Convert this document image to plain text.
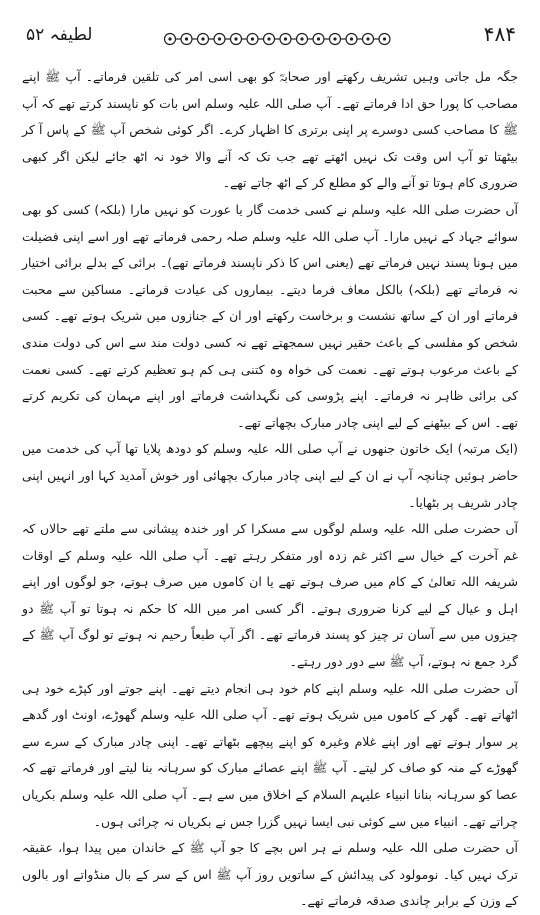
لطیفہ ۵۲	۴۸۴

جگہ مل جاتی وہیں تشریف رکھتے اور صحابہؓ کو بھی اسی امر کی تلقین فرماتے۔ آپ ﷺ اپنے مصاحب کا پورا حق ادا فرماتے تھے۔ آپ صلی اللہ علیہ وسلم اس بات کو ناپسند کرتے تھے کہ آپ ﷺ کا مصاحب کسی دوسرے پر اپنی برتری کا اظہار کرے۔ اگر کوئی شخص آپ ﷺ کے پاس آ کر بیٹھتا تو آپ اس وقت تک نہیں اٹھتے تھے جب تک کہ آنے والا خود نہ اٹھ جائے لیکن اگر کبھی ضروری کام ہوتا تو آنے والے کو مطلع کر کے اٹھ جاتے تھے۔

آں حضرت صلی اللہ علیہ وسلم نے کسی خدمت گار یا عورت کو نہیں مارا (بلکہ) کسی کو بھی سوائے جہاد کے نہیں مارا۔ آپ صلی اللہ علیہ وسلم صلہ رحمی فرماتے تھے اور اسے اپنی فضیلت میں ہونا پسند نہیں فرماتے تھے (یعنی اس کا ذکر ناپسند فرماتے تھے)۔ برائی کے بدلے برائی اختیار نہ فرماتے تھے (بلکہ) بالکل معاف فرما دیتے۔ بیماروں کی عیادت فرماتے۔ مساکین سے محبت فرماتے اور ان کے ساتھ نشست و برخاست رکھتے اور ان کے جنازوں میں شریک ہوتے تھے۔ کسی شخص کو مفلسی کے باعث حقیر نہیں سمجھتے تھے نہ کسی دولت مند سے اس کی دولت مندی کے باعث مرعوب ہوتے تھے۔ نعمت کی خواہ وہ کتنی ہی کم ہو تعظیم کرتے تھے۔ کسی نعمت کی برائی ظاہر نہ فرماتے۔ اپنے پڑوسی کی نگہداشت فرماتے اور اپنے مہمان کی تکریم کرتے تھے۔ اس کے بیٹھنے کے لیے اپنی چادر مبارک بچھاتے تھے۔

(ایک مرتبہ) ایک خاتون جنھوں نے آپ صلی اللہ علیہ وسلم کو دودھ پلایا تھا آپ کی خدمت میں حاضر ہوئیں چنانچہ آپ نے ان کے لیے اپنی چادر مبارک بچھائی اور خوش آمدید کہا اور انہیں اپنی چادر شریف پر بٹھایا۔

آں حضرت صلی اللہ علیہ وسلم لوگوں سے مسکرا کر اور خندہ پیشانی سے ملتے تھے حالاں کہ غم آخرت کے خیال سے اکثر غم زدہ اور متفکر رہتے تھے۔ آپ صلی اللہ علیہ وسلم کے اوقات شریفہ اللہ تعالیٰ کے کام میں صرف ہوتے تھے یا ان کاموں میں صرف ہوتے، جو لوگوں اور اپنے اہل و عیال کے لیے کرنا ضروری ہوتے۔ اگر کسی امر میں اللہ کا حکم نہ ہوتا تو آپ ﷺ دو چیزوں میں سے آسان تر چیز کو پسند فرماتے تھے۔ اگر آپ طبعاً رحیم نہ ہوتے تو لوگ آپ ﷺ کے گرد جمع نہ ہوتے، آپ ﷺ سے دور دور رہتے۔

آں حضرت صلی اللہ علیہ وسلم اپنے کام خود ہی انجام دیتے تھے۔ اپنے جوتے اور کپڑے خود ہی اٹھاتے تھے۔ گھر کے کاموں میں شریک ہوتے تھے۔ آپ صلی اللہ علیہ وسلم گھوڑے، اونٹ اور گدھے پر سوار ہوتے تھے اور اپنے غلام وغیرہ کو اپنے پیچھے بٹھاتے تھے۔ اپنی چادر مبارک کے سرے سے گھوڑے کے منہ کو صاف کر لیتے۔ آپ ﷺ اپنے عصائے مبارک کو سرہانہ بنا لیتے اور فرماتے تھے کہ عصا کو سرہانہ بنانا انبیاء علیہم السلام کے اخلاق میں سے ہے۔ آپ صلی اللہ علیہ وسلم بکریاں چراتے تھے۔ انبیاء میں سے کوئی نبی ایسا نہیں گزرا جس نے بکریاں نہ چرائی ہوں۔

آں حضرت صلی اللہ علیہ وسلم نے ہر اس بچے کا جو آپ ﷺ کے خاندان میں پیدا ہوا، عقیقہ ترک نہیں کیا۔ نومولود کی پیدائش کے ساتویں روز آپ ﷺ اس کے سر کے بال منڈواتے اور بالوں کے وزن کے برابر چاندی صدقہ فرماتے تھے۔
